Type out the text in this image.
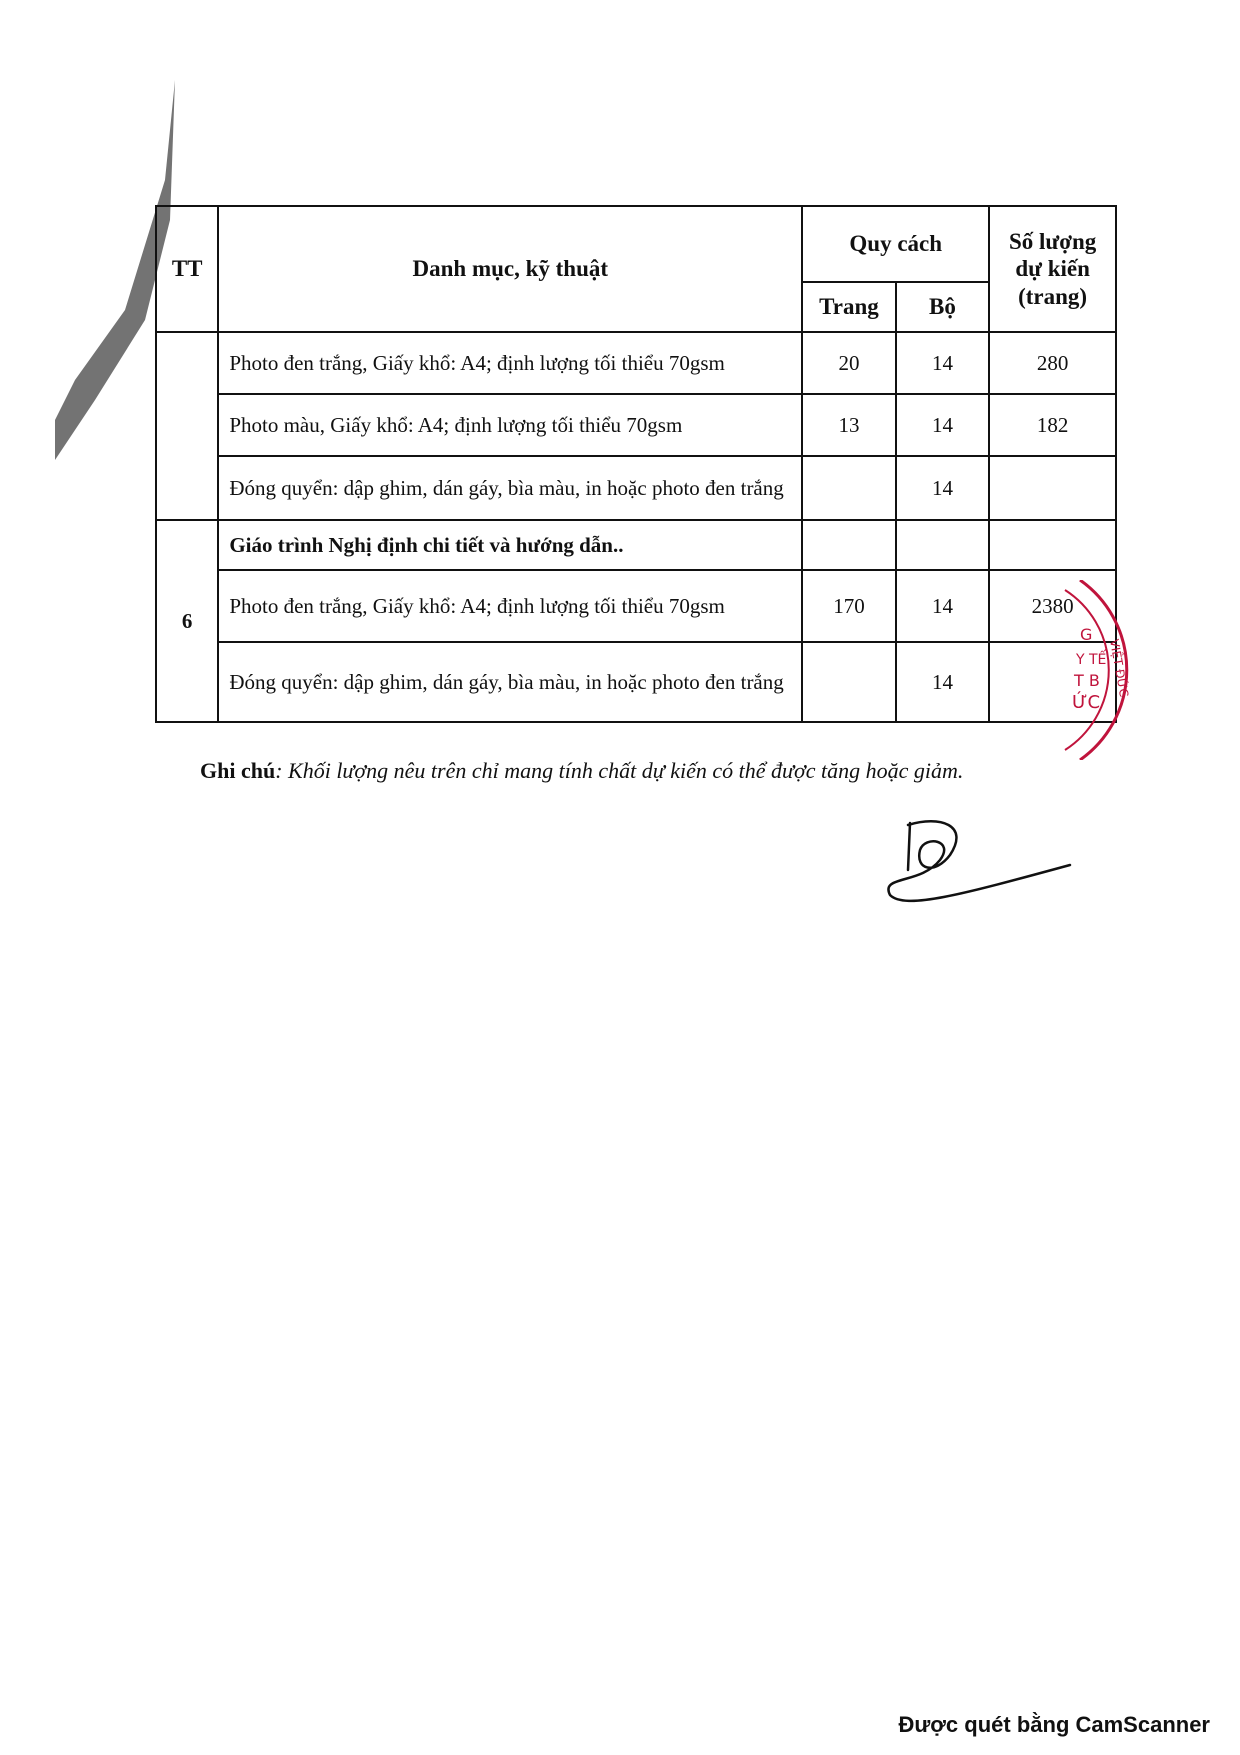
TT	Danh mục, kỹ thuật	Quy cách		Số lượng dự kiến (trang)
		Trang	Bộ	
	Photo đen trắng, Giấy khổ: A4; định lượng tối thiểu 70gsm	20	14	280
	Photo màu, Giấy khổ: A4; định lượng tối thiểu 70gsm	13	14	182
	Đóng quyển: dập ghim, dán gáy, bìa màu, in hoặc photo đen trắng		14	
6	Giáo trình Nghị định chi tiết và hướng dẫn..			
	Photo đen trắng, Giấy khổ: A4; định lượng tối thiểu 70gsm	170	14	2380
	Đóng quyển: dập ghim, dán gáy, bìa màu, in hoặc photo đen trắng		14	
G
Y TẾ
T B
ỨC
VIỆT ĐỨC
Ghi chú: Khối lượng nêu trên chỉ mang tính chất dự kiến có thể được tăng hoặc giảm.
Được quét bằng CamScanner
